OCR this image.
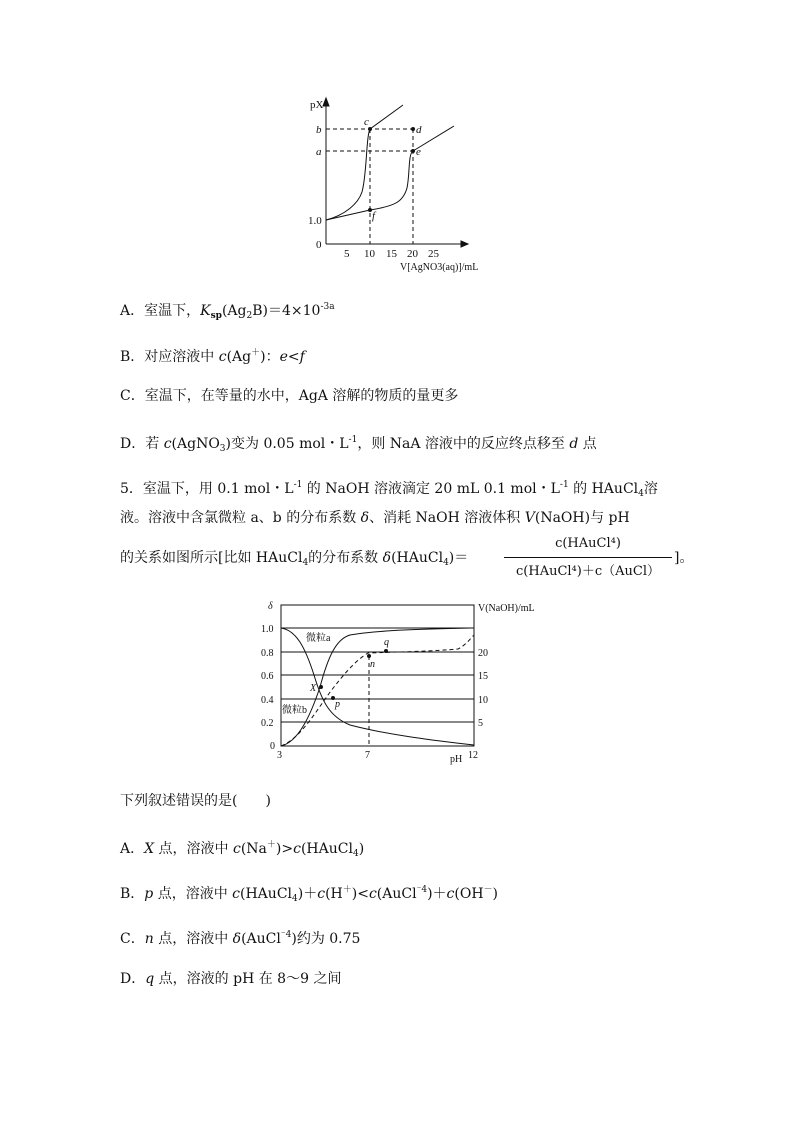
pX
b
a
1.0
0
5 10 15 20 25
V[AgNO3(aq)]/mL
c
d
e
f
A．室温下，$K_{sp}(Ag_2B)=4\times 10^{-3a}$
B．对应溶液中 c(Ag＋)：e<f
C．室温下，在等量的水中，AgA 溶解的物质的量更多
D．若 c(AgNO$_3$)变为 0.05 mol・$L^{-1}$，则 NaA 溶液中的反应终点移至 d 点
5．室温下，用 0.1 mol・$L^{-1}$ 的 NaOH 溶液滴定 20 mL 0.1 mol・$L^{-1}$ 的 HAuCl$_4$溶
液。溶液中含氯微粒 a、b 的分布系数 δ、消耗 NaOH 溶液体积 V(NaOH)与 pH
的关系如图所示[比如 HAuCl$_4$的分布系数 δ(HAuCl$_4$)＝
c(HAuCl⁴)
c(HAuCl⁴)＋c（AuCl）
]。
δ	V(NaOH)/mL
1.0
0.8
0.6
0.4
0.2
0
20
15
10
5
3	7	pH 12
微粒a
微粒b
X
p
n
q
下列叙述错误的是(　　)
A．X 点，溶液中 c(Na＋)>c(HAuCl$_4$)
B．p 点，溶液中 c(HAuCl$_4$)＋c(H＋)<c(AuCl$^{^-4}$)＋c(OH－)
C．n 点，溶液中 δ(AuCl$^{^-4}$)约为 0.75
D．q 点，溶液的 pH 在 8～9 之间
